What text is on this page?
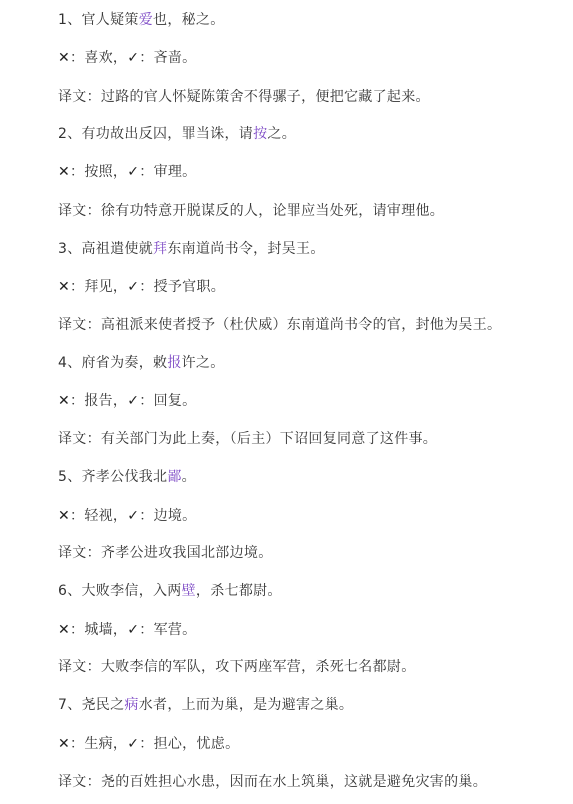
1、官人疑策爱也，秘之。
✕：喜欢，✓：吝啬。
译文：过路的官人怀疑陈策舍不得骡子，便把它藏了起来。
2、有功故出反囚，罪当诛，请按之。
✕：按照，✓：审理。
译文：徐有功特意开脱谋反的人，论罪应当处死，请审理他。
3、高祖遣使就拜东南道尚书令，封吴王。
✕：拜见，✓：授予官职。
译文：高祖派来使者授予（杜伏威）东南道尚书令的官，封他为吴王。
4、府省为奏，敕报许之。
✕：报告，✓：回复。
译文：有关部门为此上奏，（后主）下诏回复同意了这件事。
5、齐孝公伐我北鄙。
✕：轻视，✓：边境。
译文：齐孝公进攻我国北部边境。
6、大败李信，入两壁，杀七都尉。
✕：城墙，✓：军营。
译文：大败李信的军队，攻下两座军营，杀死七名都尉。
7、尧民之病水者，上而为巢，是为避害之巢。
✕：生病，✓：担心，忧虑。
译文：尧的百姓担心水患，因而在水上筑巢，这就是避免灾害的巢。
